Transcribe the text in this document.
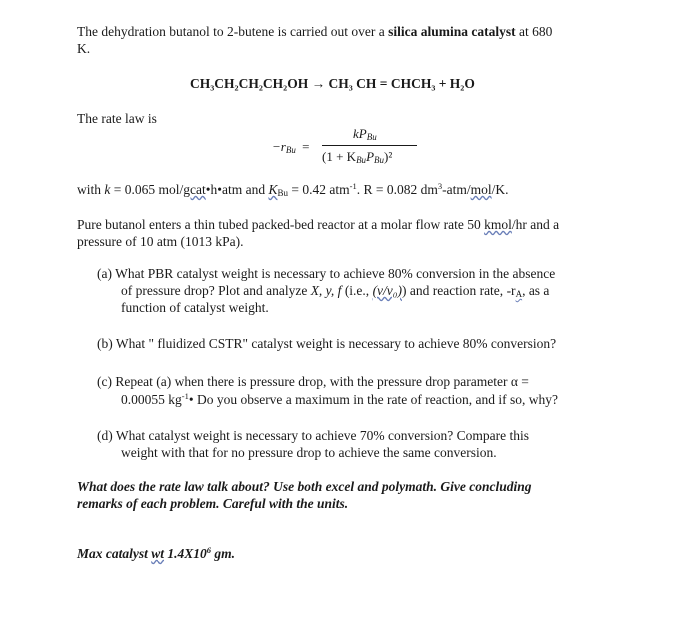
The dehydration butanol to 2-butene is carried out over a silica alumina catalyst at 680
K.
CH₃CH₂CH₂CH₂OH → CH₃ CH = CHCH₃ + H₂O
The rate law is
$-r_{Bu}$ =
$kP_{Bu}$
$(1 + K_{Bu}P_{Bu})^2$
with k = 0.065 mol/gcat•h•atm and $K_{Bu} = 0.42$ atm$^{-1}$. R = 0.082 $dm^3-atm/mol/K$.
Pure butanol enters a thin tubed packed-bed reactor at a molar flow rate 50 kmol/hr and a
pressure of 10 atm (1013 kPa).
(a) What PBR catalyst weight is necessary to achieve 80% conversion in the absence
of pressure drop? Plot and analyze X, y, f (i.e., (v/v₀)) and reaction rate, $-r_A$, as a
function of catalyst weight.
(b) What " fluidized CSTR" catalyst weight is necessary to achieve 80% conversion?
(c) Repeat (a) when there is pressure drop, with the pressure drop parameter α =
0.00055 $kg^{-1}•$ Do you observe a maximum in the rate of reaction, and if so, why?
(d) What catalyst weight is necessary to achieve 70% conversion? Compare this
weight with that for no pressure drop to achieve the same conversion.
What does the rate law talk about? Use both excel and polymath. Give concluding
remarks of each problem. Careful with the units.
Max catalyst wt $1.4X10^6$ gm.
